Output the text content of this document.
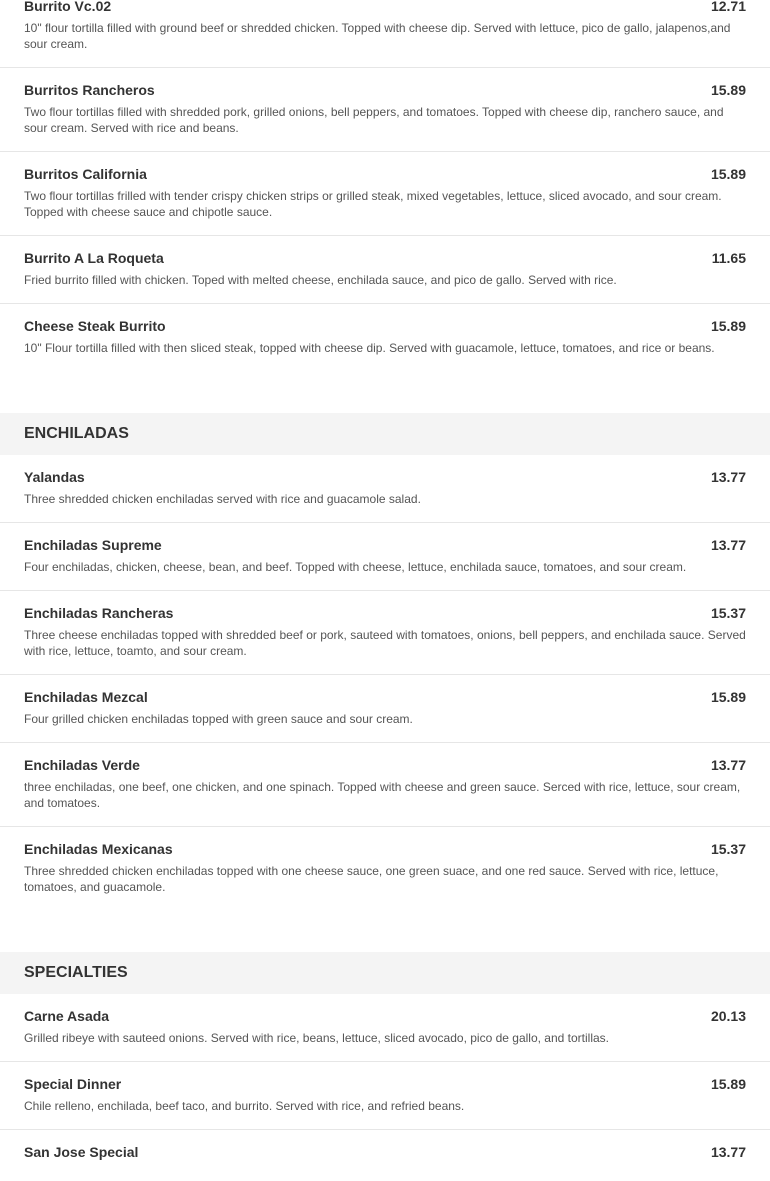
Burrito Vc.02	12.71
10" flour tortilla filled with ground beef or shredded chicken. Topped with cheese dip. Served with lettuce, pico de gallo, jalapenos,and sour cream.
Burritos Rancheros	15.89
Two flour tortillas filled with shredded pork, grilled onions, bell peppers, and tomatoes. Topped with cheese dip, ranchero sauce, and sour cream. Served with rice and beans.
Burritos California	15.89
Two flour tortillas frilled with tender crispy chicken strips or grilled steak, mixed vegetables, lettuce, sliced avocado, and sour cream. Topped with cheese sauce and chipotle sauce.
Burrito A La Roqueta	11.65
Fried burrito filled with chicken. Toped with melted cheese, enchilada sauce, and pico de gallo. Served with rice.
Cheese Steak Burrito	15.89
10" Flour tortilla filled with then sliced steak, topped with cheese dip. Served with guacamole, lettuce, tomatoes, and rice or beans.
ENCHILADAS
Yalandas	13.77
Three shredded chicken enchiladas served with rice and guacamole salad.
Enchiladas Supreme	13.77
Four enchiladas, chicken, cheese, bean, and beef. Topped with cheese, lettuce, enchilada sauce, tomatoes, and sour cream.
Enchiladas Rancheras	15.37
Three cheese enchiladas topped with shredded beef or pork, sauteed with tomatoes, onions, bell peppers, and enchilada sauce. Served with rice, lettuce, toamto, and sour cream.
Enchiladas Mezcal	15.89
Four grilled chicken enchiladas topped with green sauce and sour cream.
Enchiladas Verde	13.77
three enchiladas, one beef, one chicken, and one spinach. Topped with cheese and green sauce. Serced with rice, lettuce, sour cream, and tomatoes.
Enchiladas Mexicanas	15.37
Three shredded chicken enchiladas topped with one cheese sauce, one green suace, and one red sauce. Served with rice, lettuce, tomatoes, and guacamole.
SPECIALTIES
Carne Asada	20.13
Grilled ribeye with sauteed onions. Served with rice, beans, lettuce, sliced avocado, pico de gallo, and tortillas.
Special Dinner	15.89
Chile relleno, enchilada, beef taco, and burrito. Served with rice, and refried beans.
San Jose Special	13.77
